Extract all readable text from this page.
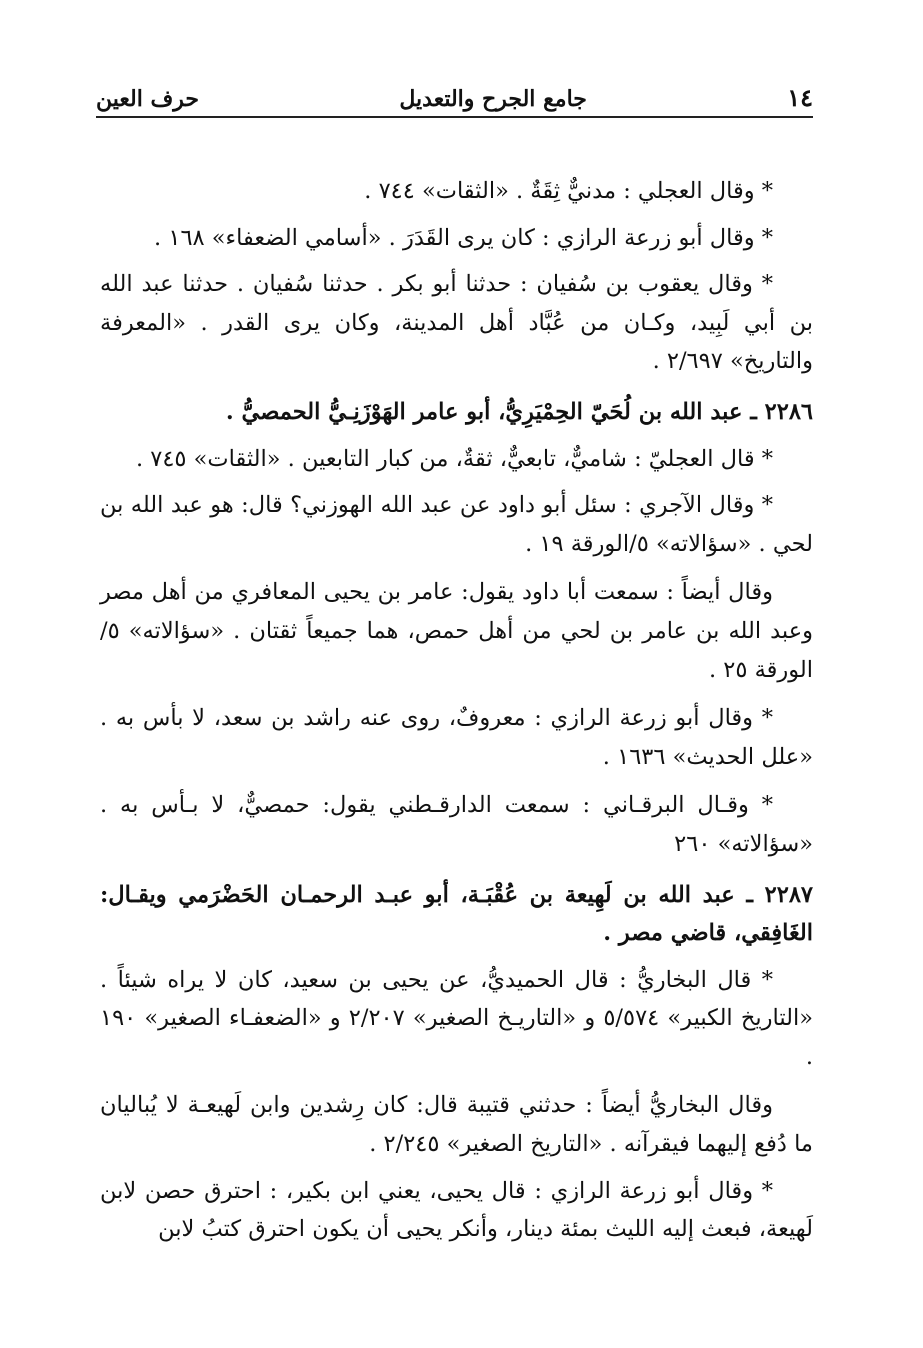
١٤
جامع الجرح والتعديل
حرف العين

* وقال العجلي : مدنيٌّ ثِقَةٌ . «الثقات» ٧٤٤ .

* وقال أبو زرعة الرازي : كان يرى القَدَرَ . «أسامي الضعفاء» ١٦٨ .

* وقال يعقوب بن سُفيان : حدثنا أبو بكر . حدثنا سُفيان . حدثنا عبد الله بن أبي لَبِيد، وكـان من عُبَّاد أهل المدينة، وكان يرى القدر . «المعرفة والتاريخ» ٢/٦٩٧ .

٢٢٨٦ ـ عبد الله بن لُحَيّ الحِمْيَرِيُّ، أبو عامر الهَوْزَنِـيُّ الحمصيُّ .

* قال العجليّ : شاميٌّ، تابعيٌّ، ثقةٌ، من كبار التابعين . «الثقات» ٧٤٥ .

* وقال الآجري : سئل أبو داود عن عبد الله الهوزني؟ قال: هو عبد الله بن لحي . «سؤالاته» ٥/الورقة ١٩ .

وقال أيضاً : سمعت أبا داود يقول: عامر بن يحيى المعافري من أهل مصر وعبد الله بن عامر بن لحي من أهل حمص، هما جميعاً ثقتان . «سؤالاته» ٥/الورقة ٢٥ .

* وقال أبو زرعة الرازي : معروفٌ، روى عنه راشد بن سعد، لا بأس به . «علل الحديث» ١٦٣٦ .

* وقـال البرقـاني : سمعت الدارقـطني يقول: حمصيٌّ، لا بـأس به . «سؤالاته» ٢٦٠

٢٢٨٧ ـ عبد الله بن لَهِيعة بن عُقْبَـة، أبو عبـد الرحمـان الحَضْرَمي ويقـال: الغَافِقي، قاضي مصر .

* قال البخاريُّ : قال الحميديُّ، عن يحيى بن سعيد، كان لا يراه شيئاً . «التاريخ الكبير» ٥/٥٧٤ و «التاريـخ الصغير» ٢/٢٠٧ و «الضعفـاء الصغير» ١٩٠ .

وقال البخاريُّ أيضاً : حدثني قتيبة قال: كان رِشدين وابن لَهيعـة لا يُباليان ما دُفع إليهما فيقرآنه . «التاريخ الصغير» ٢/٢٤٥ .

* وقال أبو زرعة الرازي : قال يحيى، يعني ابن بكير، : احترق حصن لابن لَهيعة، فبعث إليه الليث بمئة دينار، وأنكر يحيى أن يكون احترق كتبُ لابن
